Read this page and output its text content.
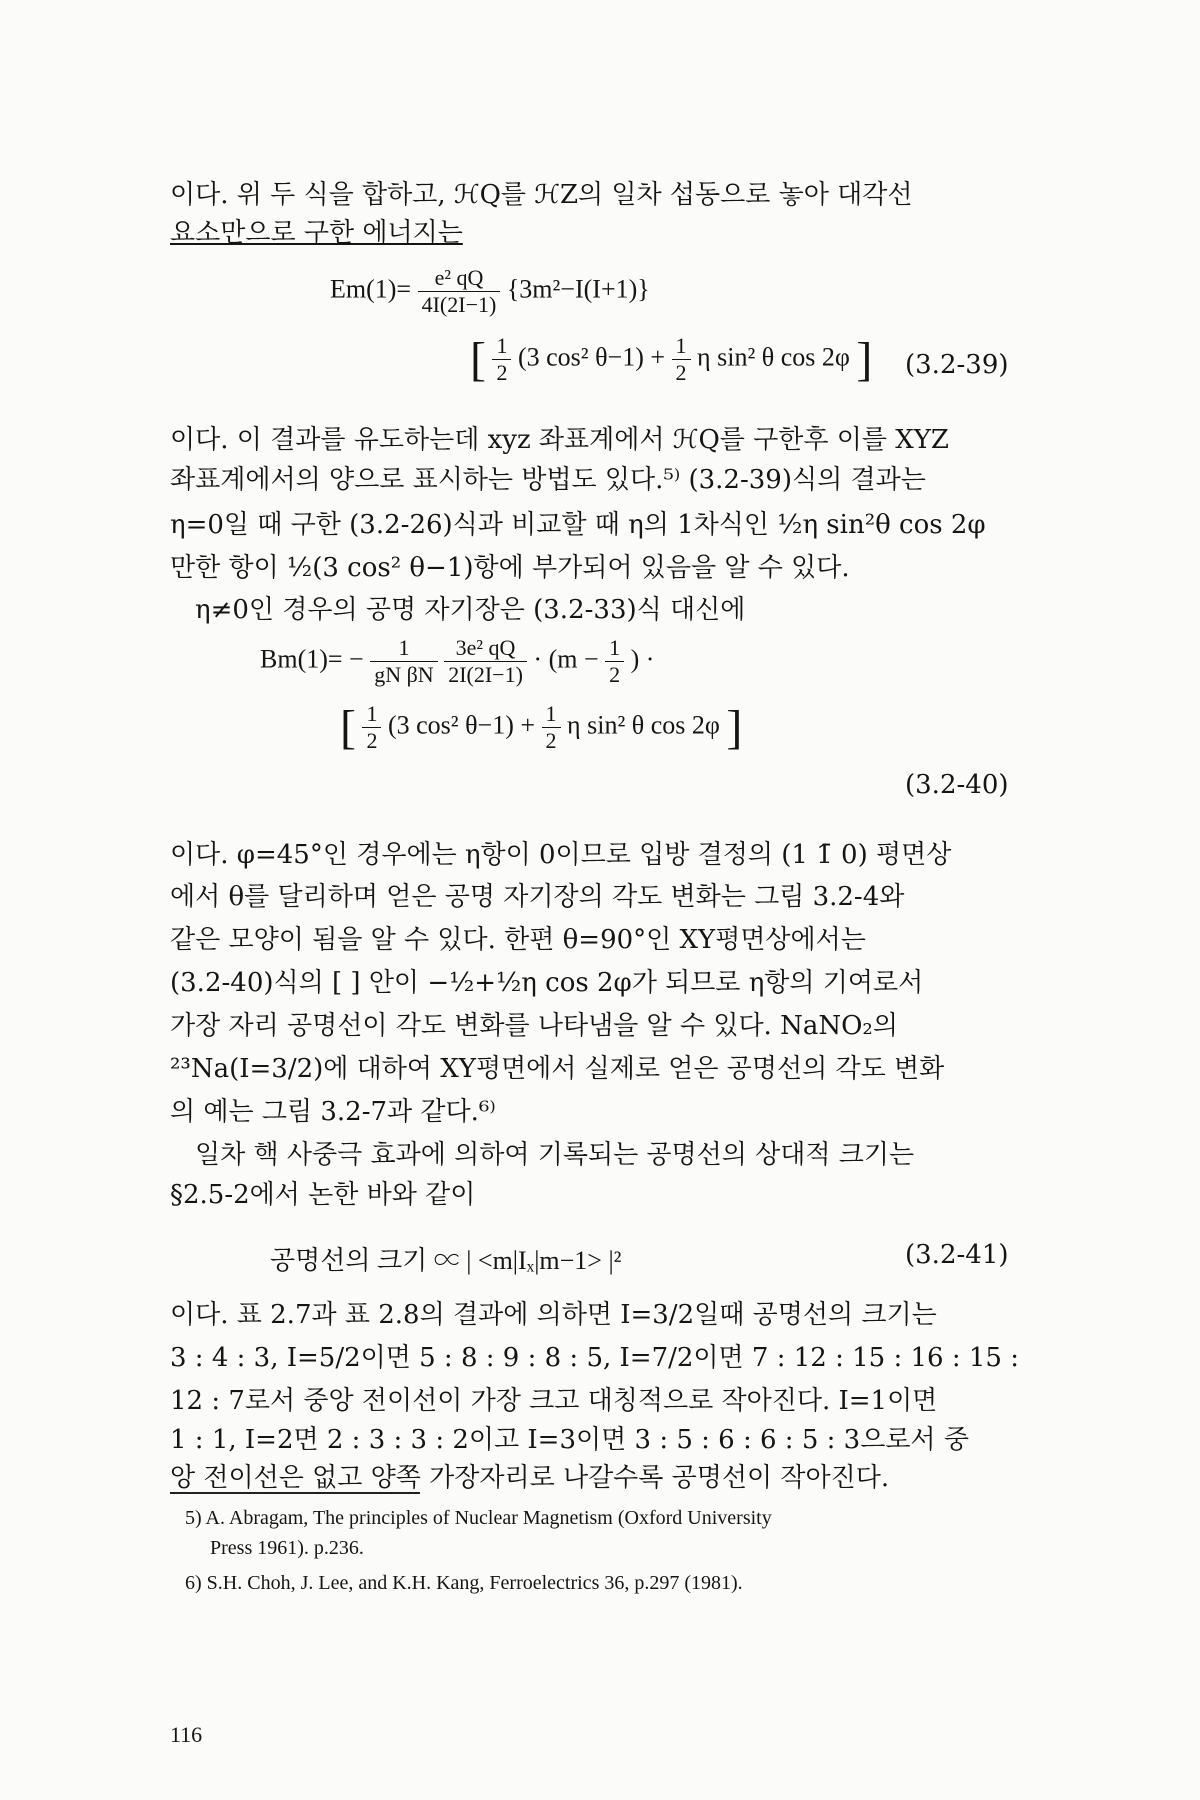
이다. 위 두 식을 합하고, ℋQ를 ℋZ의 일차 섭동으로 놓아 대각선
요소만으로 구한 에너지는
$Em(1)= \frac{\text{e² qQ}}{4I(2I-1)} \{3m^2-I(I+1)\}$
[ $\frac{1}{2} (3$ cos² $\theta-1) + \frac{1}{2}$ η sin² θ cos 2φ ] (3.2-39)
이다. 이 결과를 유도하는데 xyz 좌표계에서 ℋQ를 구한후 이를 XYZ
좌표계에서의 양으로 표시하는 방법도 있다.⁵⁾ (3.2-39)식의 결과는
η=0일 때 구한 (3.2-26)식과 비교할 때 η의 1차식인 ½η sin²θ cos 2φ
만한 항이 ½(3 cos² θ−1)항에 부가되어 있음을 알 수 있다.
η≠0인 경우의 공명 자기장은 (3.2-33)식 대신에
$Bm(1)= - \frac{1}{\text{gN βN}}$
$\frac{\text{3e² qQ}}{2I(2I-1)} \cdot (m - \frac{1}{2}$ ) ·
[ $\frac{1}{2} (3$ cos² $\theta-1) + \frac{1}{2}$ η sin² θ cos 2φ ]
(3.2-40)
이다. φ=45°인 경우에는 η항이 0이므로 입방 결정의 (1 1̄ 0) 평면상
에서 θ를 달리하며 얻은 공명 자기장의 각도 변화는 그림 3.2-4와
같은 모양이 됨을 알 수 있다. 한편 θ=90°인 XY평면상에서는
(3.2-40)식의 [ ] 안이 −½+½η cos 2φ가 되므로 η항의 기여로서
가장 자리 공명선이 각도 변화를 나타냄을 알 수 있다. NaNO₂의
²³Na(I=3/2)에 대하여 XY평면에서 실제로 얻은 공명선의 각도 변화
의 예는 그림 3.2-7과 같다.⁶⁾
일차 핵 사중극 효과에 의하여 기록되는 공명선의 상대적 크기는
§2.5-2에서 논한 바와 같이
공명선의 크기 ∝ | <m|Iₓ|m−1> |²	(3.2-41)
이다. 표 2.7과 표 2.8의 결과에 의하면 I=3/2일때 공명선의 크기는
3 : 4 : 3, I=5/2이면 5 : 8 : 9 : 8 : 5, I=7/2이면 7 : 12 : 15 : 16 : 15 :
12 : 7로서 중앙 전이선이 가장 크고 대칭적으로 작아진다. I=1이면
1 : 1, I=2면 2 : 3 : 3 : 2이고 I=3이면 3 : 5 : 6 : 6 : 5 : 3으로서 중
앙 전이선은 없고 양쪽 가장자리로 나갈수록 공명선이 작아진다.
5) A. Abragam, The principles of Nuclear Magnetism (Oxford University
Press 1961). p.236.
6) S.H. Choh, J. Lee, and K.H. Kang, Ferroelectrics 36, p.297 (1981).
116
